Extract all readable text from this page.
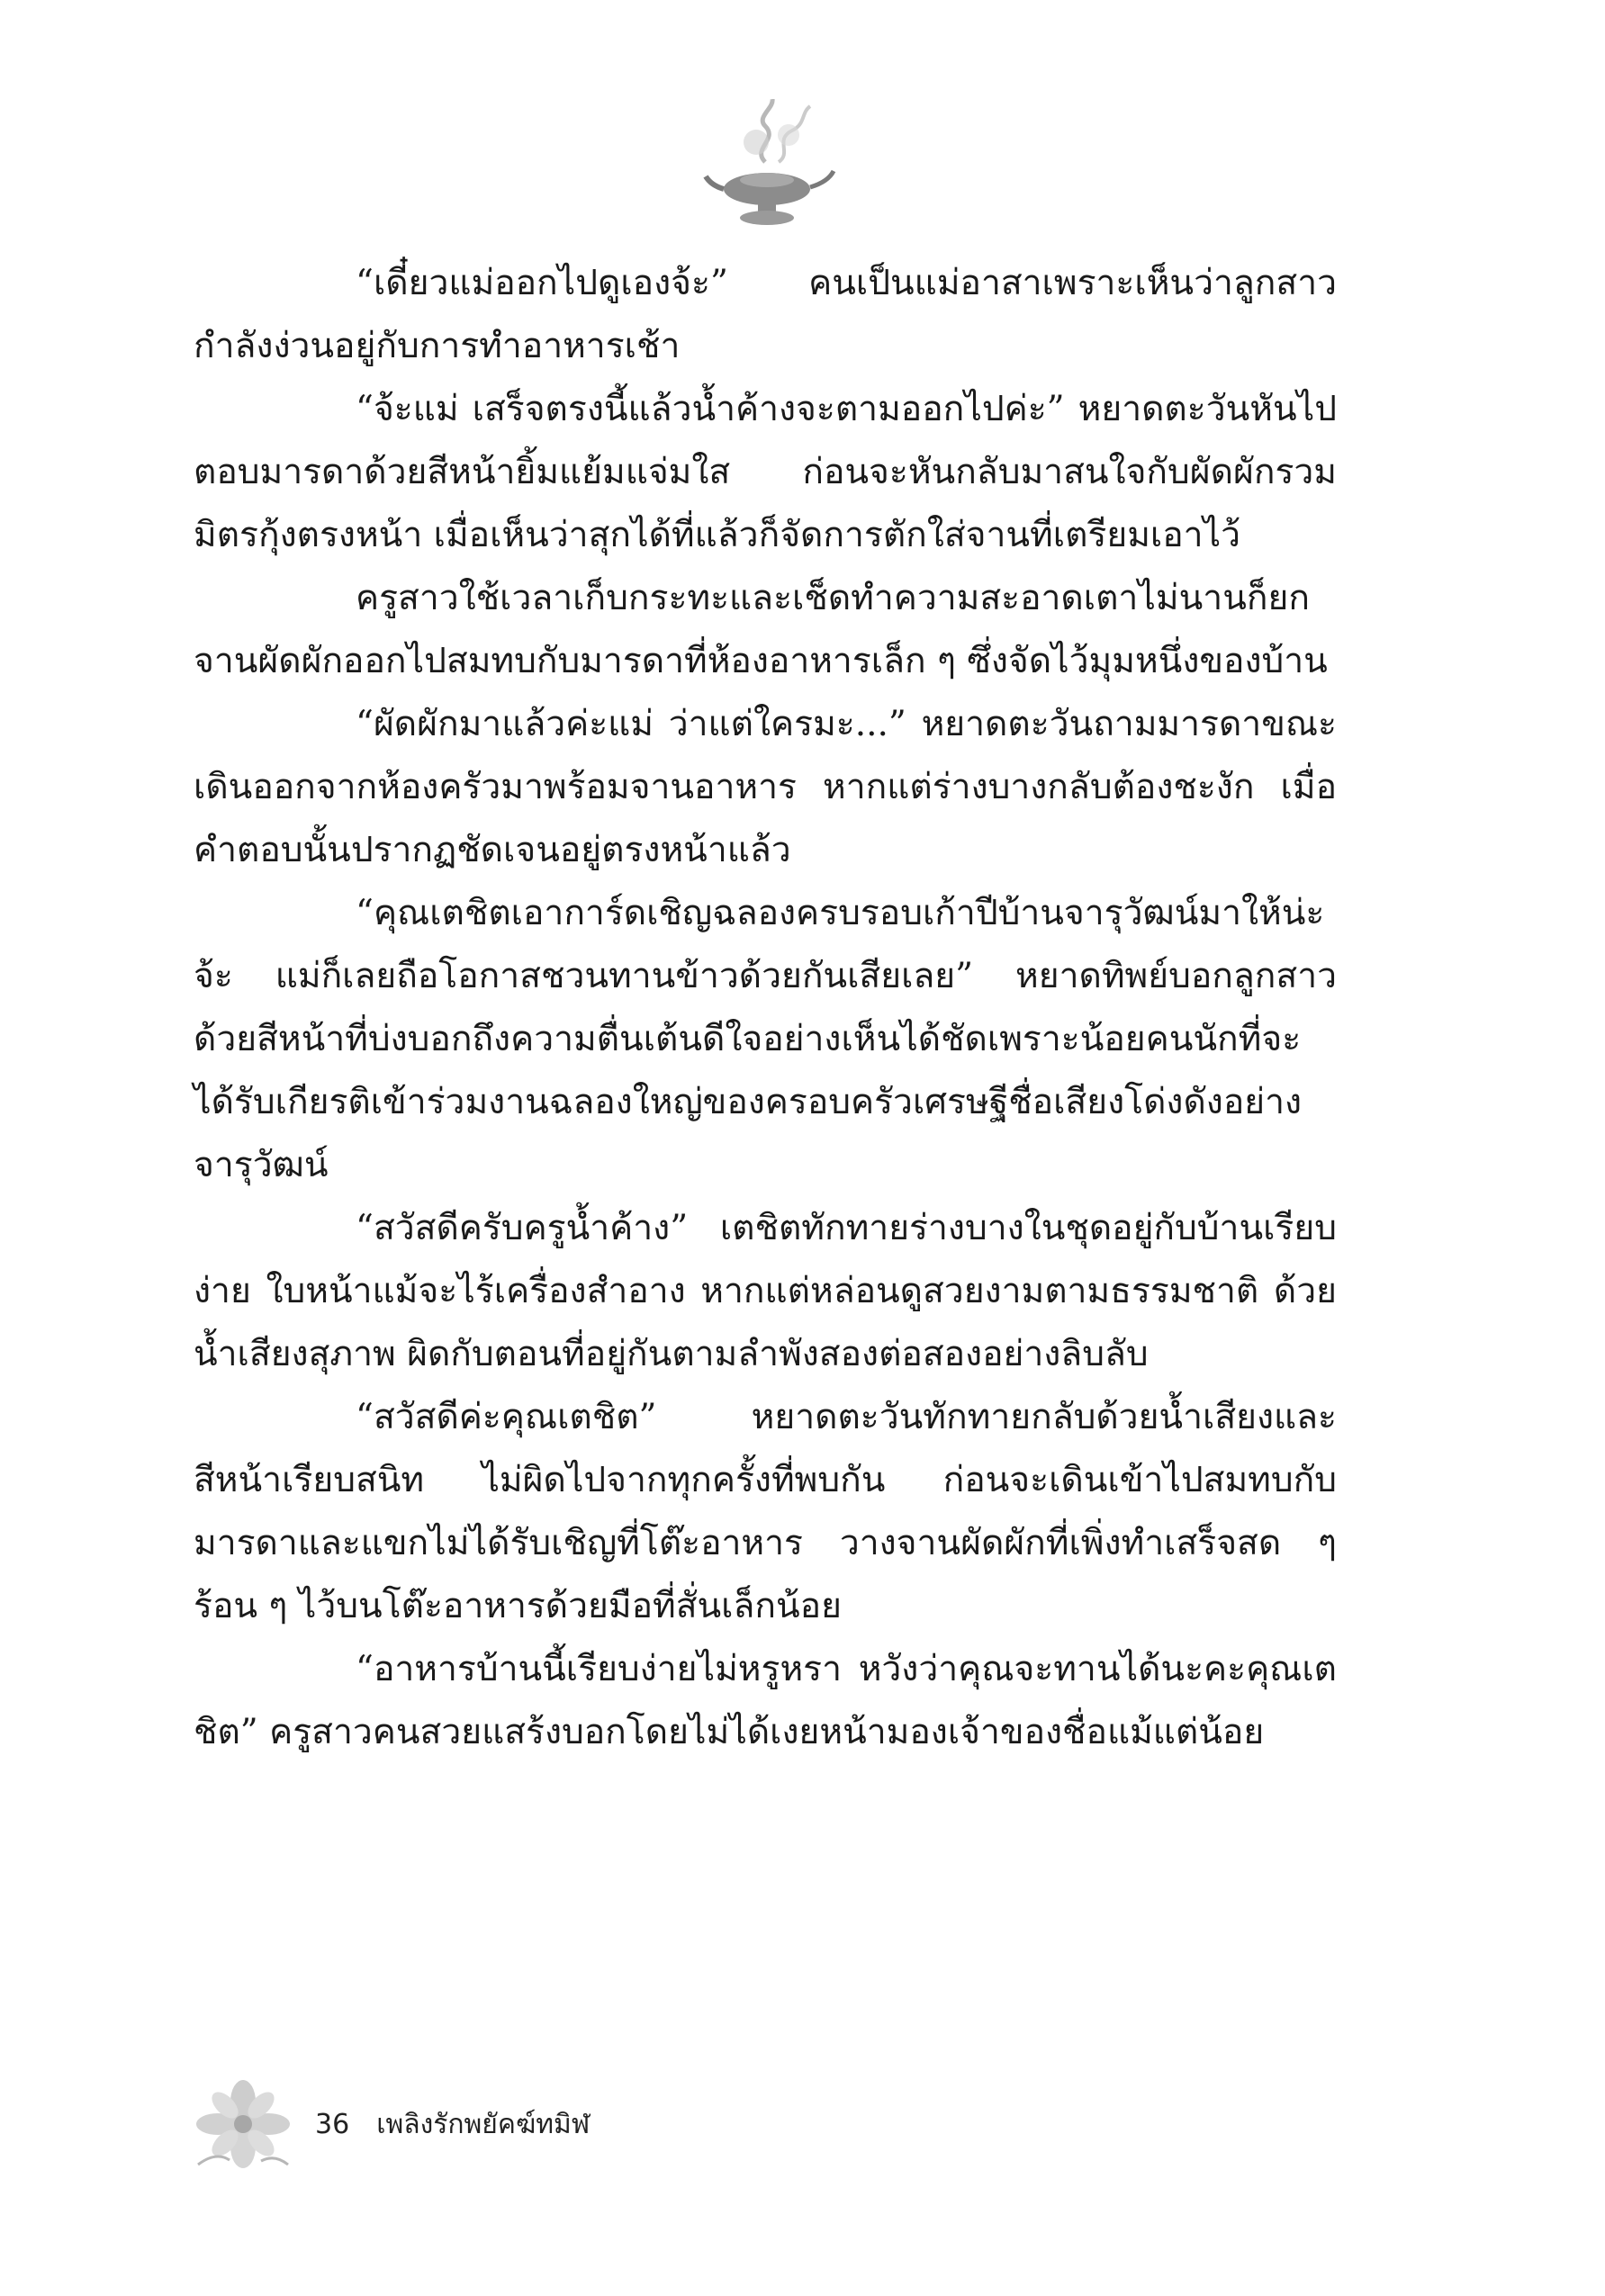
“เดี๋ยวแม่ออกไปดูเองจ้ะ” คนเป็นแม่อาสาเพราะเห็นว่าลูกสาวกำลังง่วนอยู่กับการทำอาหารเช้า

“จ้ะแม่ เสร็จตรงนี้แล้วน้ำค้างจะตามออกไปค่ะ” หยาดตะวันหันไปตอบมารดาด้วยสีหน้ายิ้มแย้มแจ่มใส ก่อนจะหันกลับมาสนใจกับผัดผักรวมมิตรกุ้งตรงหน้า เมื่อเห็นว่าสุกได้ที่แล้วก็จัดการตักใส่จานที่เตรียมเอาไว้

ครูสาวใช้เวลาเก็บกระทะและเช็ดทำความสะอาดเตาไม่นานก็ยกจานผัดผักออกไปสมทบกับมารดาที่ห้องอาหารเล็ก ๆ ซึ่งจัดไว้มุมหนึ่งของบ้าน

“ผัดผักมาแล้วค่ะแม่ ว่าแต่ใครมะ...” หยาดตะวันถามมารดาขณะเดินออกจากห้องครัวมาพร้อมจานอาหาร หากแต่ร่างบางกลับต้องชะงัก เมื่อคำตอบนั้นปรากฏชัดเจนอยู่ตรงหน้าแล้ว

“คุณเตชิตเอาการ์ดเชิญฉลองครบรอบเก้าปีบ้านจารุวัฒน์มาให้น่ะจ้ะ แม่ก็เลยถือโอกาสชวนทานข้าวด้วยกันเสียเลย” หยาดทิพย์บอกลูกสาวด้วยสีหน้าที่บ่งบอกถึงความตื่นเต้นดีใจอย่างเห็นได้ชัดเพราะน้อยคนนักที่จะได้รับเกียรติเข้าร่วมงานฉลองใหญ่ของครอบครัวเศรษฐีชื่อเสียงโด่งดังอย่างจารุวัฒน์

“สวัสดีครับครูน้ำค้าง” เตชิตทักทายร่างบางในชุดอยู่กับบ้านเรียบง่าย ใบหน้าแม้จะไร้เครื่องสำอาง หากแต่หล่อนดูสวยงามตามธรรมชาติ ด้วยน้ำเสียงสุภาพ ผิดกับตอนที่อยู่กันตามลำพังสองต่อสองอย่างลิบลับ

“สวัสดีค่ะคุณเตชิต” หยาดตะวันทักทายกลับด้วยน้ำเสียงและสีหน้าเรียบสนิท ไม่ผิดไปจากทุกครั้งที่พบกัน ก่อนจะเดินเข้าไปสมทบกับมารดาและแขกไม่ได้รับเชิญที่โต๊ะอาหาร วางจานผัดผักที่เพิ่งทำเสร็จสด ๆ ร้อน ๆ ไว้บนโต๊ะอาหารด้วยมือที่สั่นเล็กน้อย

“อาหารบ้านนี้เรียบง่ายไม่หรูหรา หวังว่าคุณจะทานได้นะคะคุณเตชิต” ครูสาวคนสวยแสร้งบอกโดยไม่ได้เงยหน้ามองเจ้าของชื่อแม้แต่น้อย

36 เพลิงรักพยัคฆ์ทมิฬ
